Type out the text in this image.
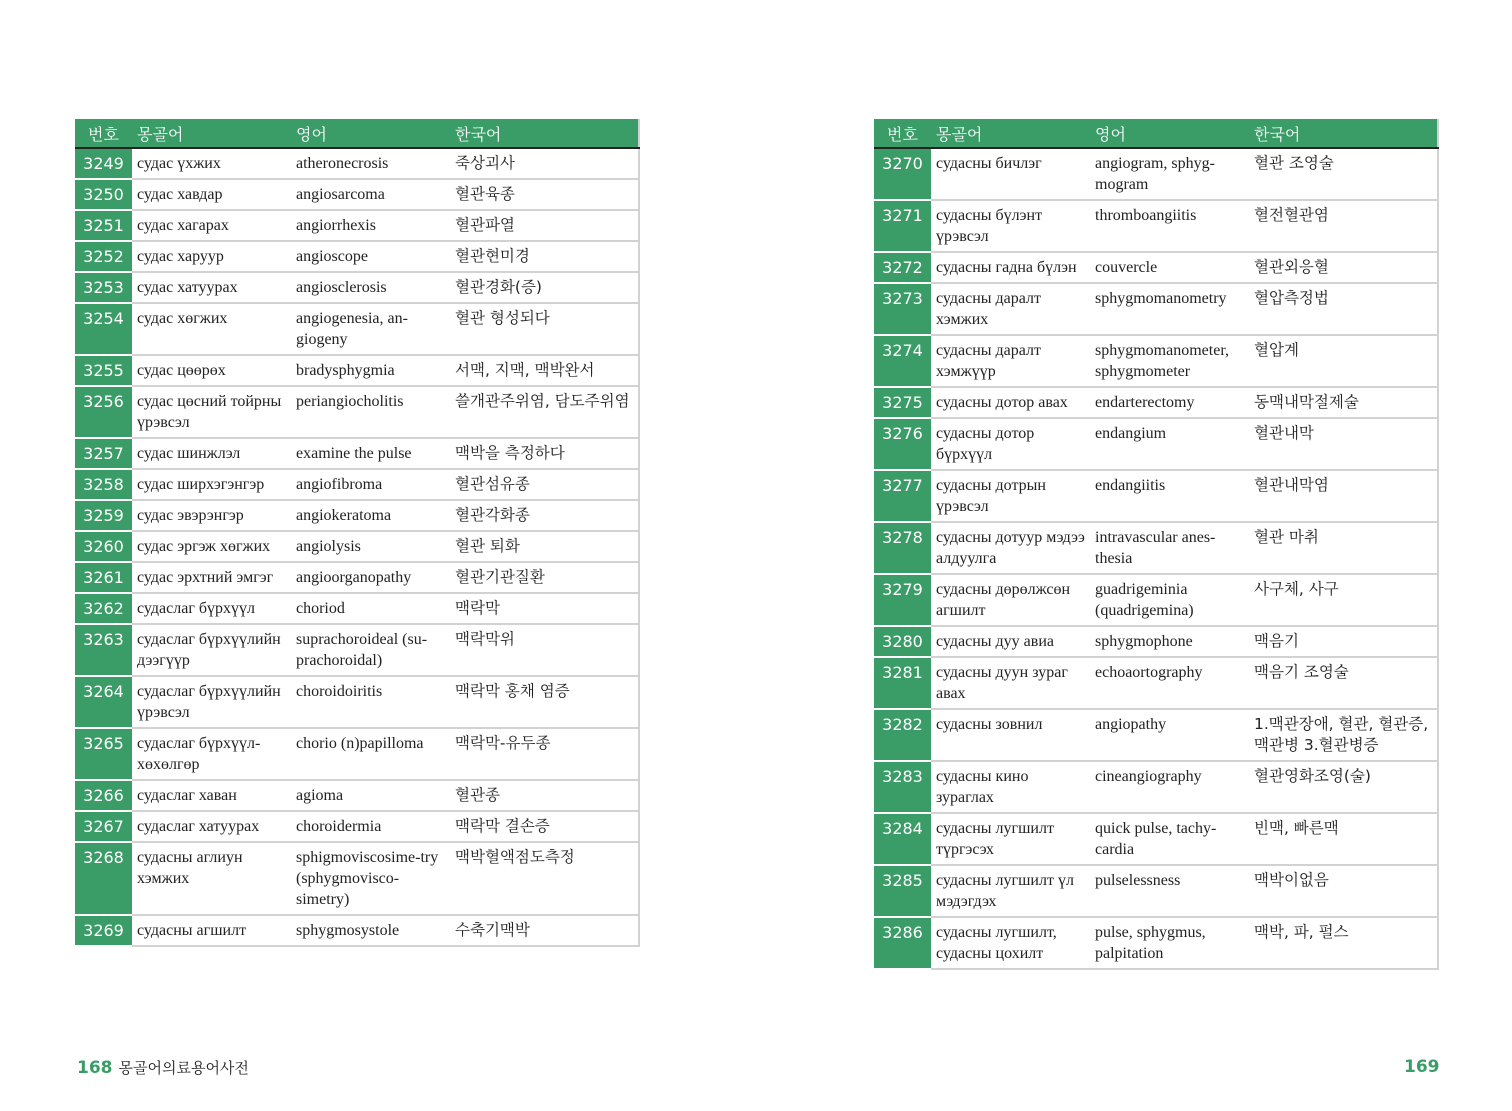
번호	몽골어	영어	한국어
3249	судас үхжих	atheronecrosis	죽상괴사
3250	судас хавдар	angiosarcoma	혈관육종
3251	судас хагарах	angiorrhexis	혈관파열
3252	судас харуур	angioscope	혈관현미경
3253	судас хатуурах	angiosclerosis	혈관경화(증)
3254	судас хөгжих	angiogenesia, an-giogeny	혈관 형성되다
3255	судас цөөрөх	bradysphygmia	서맥, 지맥, 맥박완서
3256	судас цөсний тойрны үрэвсэл	periangiocholitis	쓸개관주위염, 담도주위염
3257	судас шинжлэл	examine the pulse	맥박을 측정하다
3258	судас ширхэгэнгэр	angiofibroma	혈관섬유종
3259	судас эвэрэнгэр	angiokeratoma	혈관각화종
3260	судас эргэж хөгжих	angiolysis	혈관 퇴화
3261	судас эрхтний эмгэг	angioorganopathy	혈관기관질환
3262	судаслаг бүрхүүл	choriod	맥락막
3263	судаслаг бүрхүүлийн дээгүүр	suprachoroideal (su-prachoroidal)	맥락막위
3264	судаслаг бүрхүүлийн үрэвсэл	choroidoiritis	맥락막 홍채 염증
3265	судаслаг бүрхүүл-хөхөлгөр	chorio (n)papilloma	맥락막-유두종
3266	судаслаг хаван	agioma	혈관종
3267	судаслаг хатуурах	choroidermia	맥락막 결손증
3268	судасны аглиун хэмжих	sphigmoviscosime-try (sphygmovisco-simetry)	맥박혈액점도측정
3269	судасны агшилт	sphygmosystole	수축기맥박
번호	몽골어	영어	한국어
3270	судасны бичлэг	angiogram, sphyg-mogram	혈관 조영술
3271	судасны бүлэнт үрэвсэл	thromboangiitis	혈전혈관염
3272	судасны гадна бүлэн	couvercle	혈관외응혈
3273	судасны даралт хэмжих	sphygmomanometry	혈압측정법
3274	судасны даралт хэмжүүр	sphygmomanometer, sphygmometer	혈압계
3275	судасны дотор авах	endarterectomy	동맥내막절제술
3276	судасны дотор бүрхүүл	endangium	혈관내막
3277	судасны дотрын үрэвсэл	endangiitis	혈관내막염
3278	судасны дотуур мэдээ алдуулга	intravascular anes-thesia	혈관 마취
3279	судасны дөрөлжсөн агшилт	guadrigeminia (quadrigemina)	사구체, 사구
3280	судасны дуу авиа	sphygmophone	맥음기
3281	судасны дуун зураг авах	echoaortography	맥음기 조영술
3282	судасны зовнил	angiopathy	1.맥관장애, 혈관, 혈관증, 맥관병 3.혈관병증
3283	судасны кино зураглах	cineangiography	혈관영화조영(술)
3284	судасны лугшилт түргэсэх	quick pulse, tachy-cardia	빈맥, 빠른맥
3285	судасны лугшилт үл мэдэгдэх	pulselessness	맥박이없음
3286	судасны лугшилт, судасны цохилт	pulse, sphygmus, palpitation	맥박, 파, 펄스
168 몽골어의료용어사전	169
